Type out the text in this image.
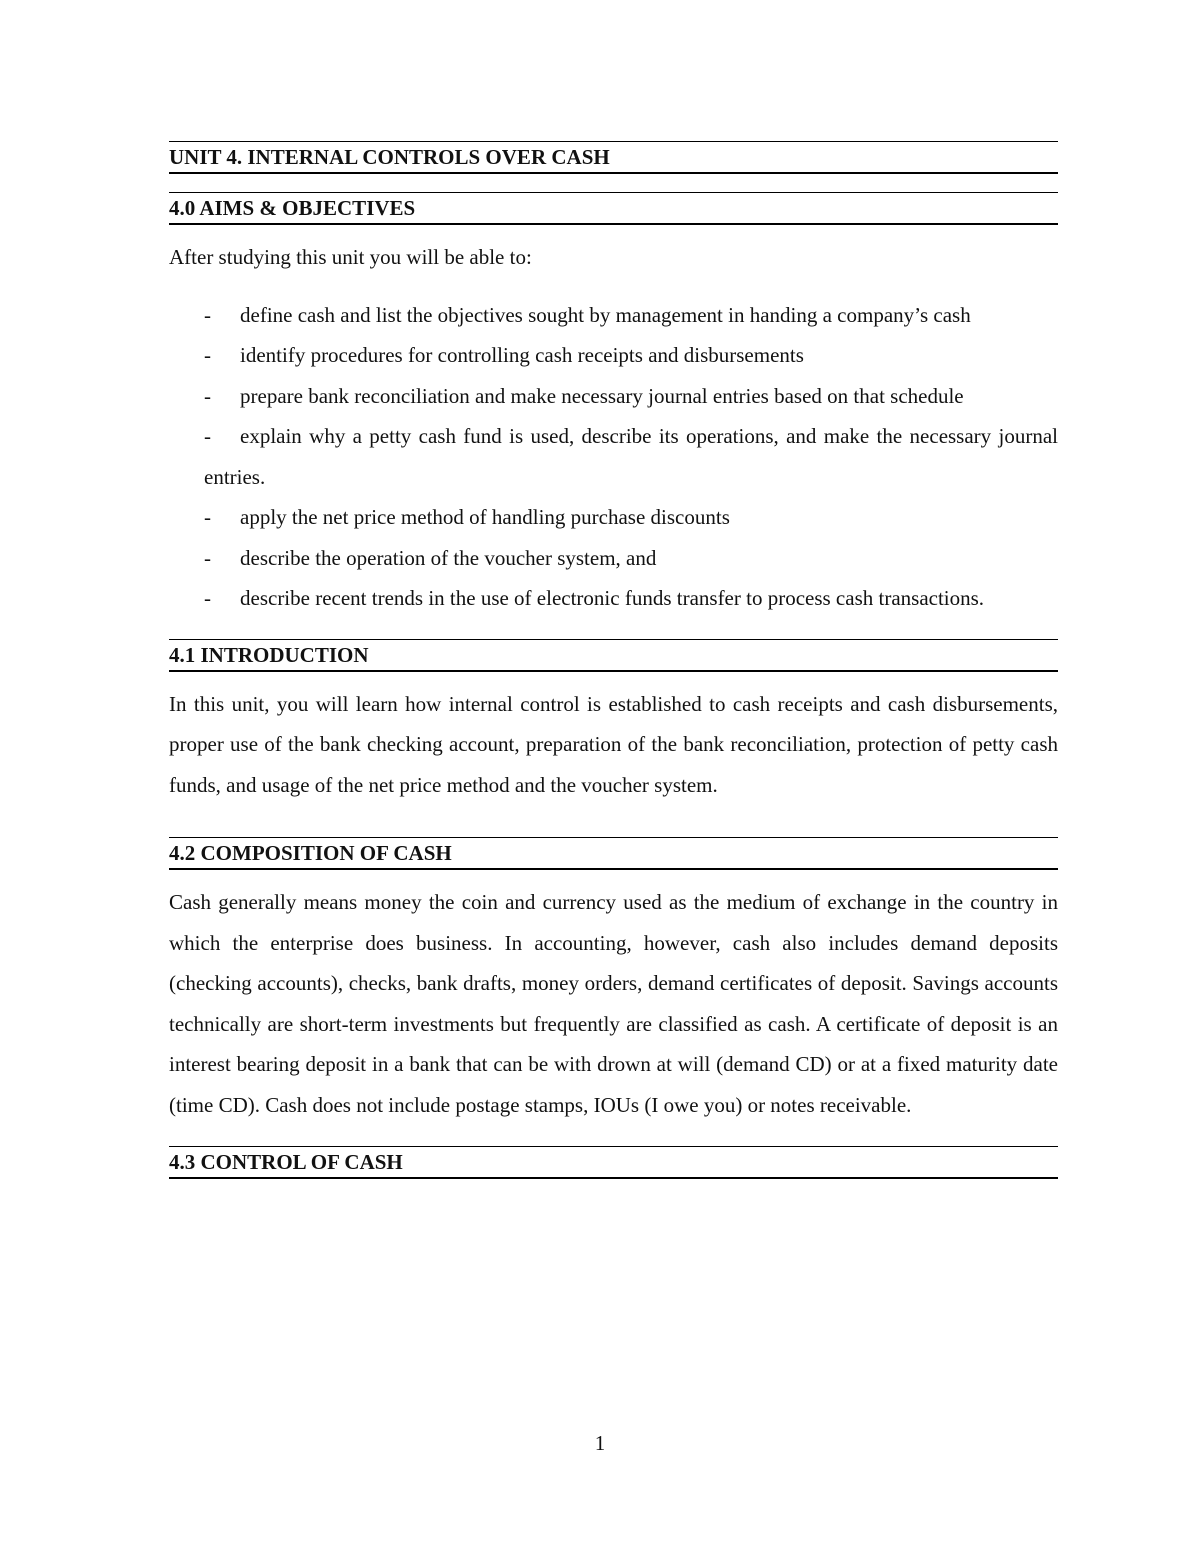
UNIT 4. INTERNAL CONTROLS OVER CASH
4.0 AIMS & OBJECTIVES

After studying this unit you will be able to:

-	define cash and list the objectives sought by management in handing a company’s cash
-	identify procedures for controlling cash receipts and disbursements
-	prepare bank reconciliation and make necessary journal entries based on that schedule
-	explain why a petty cash fund is used, describe its operations, and make the necessary journal entries.
-	apply the net price method of handling purchase discounts
-	describe the operation of the voucher system, and
-	describe recent trends in the use of electronic funds transfer to process cash transactions.
4.1 INTRODUCTION

In this unit, you will learn how internal control is established to cash receipts and cash disbursements, proper use of the bank checking account, preparation of the bank reconciliation, protection of petty cash funds, and usage of the net price method and the voucher system.

4.2 COMPOSITION OF CASH

Cash generally means money the coin and currency used as the medium of exchange in the country in which the enterprise does business. In accounting, however, cash also includes demand deposits (checking accounts), checks, bank drafts, money orders, demand certificates of deposit. Savings accounts technically are short-term investments but frequently are classified as cash. A certificate of deposit is an interest bearing deposit in a bank that can be with drown at will (demand CD) or at a fixed maturity date (time CD). Cash does not include postage stamps, IOUs (I owe you) or notes receivable.

4.3 CONTROL OF CASH
1
